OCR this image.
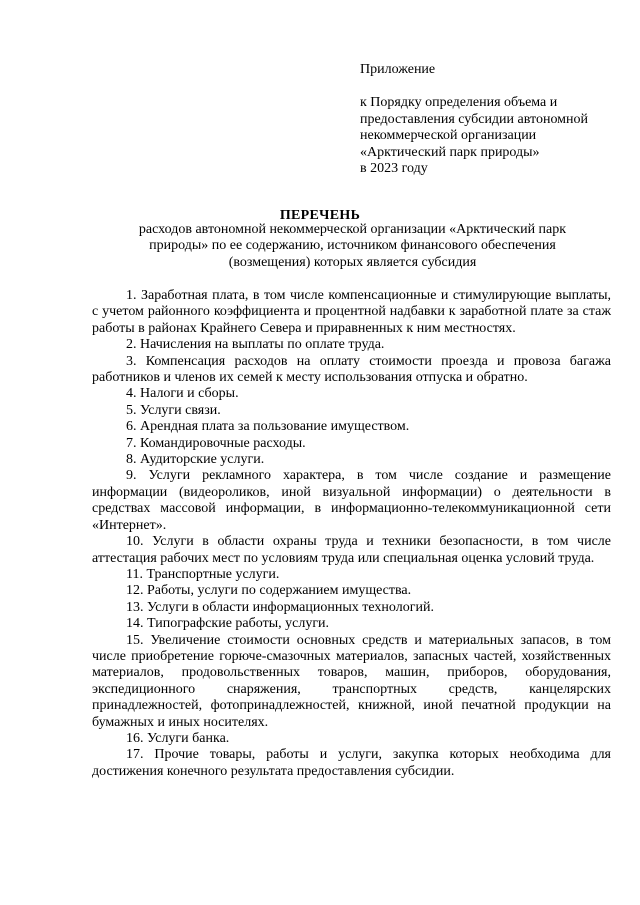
Приложение
к Порядку определения объема и
предоставления субсидии автономной
некоммерческой организации
«Арктический парк природы»
в 2023 году
ПЕРЕЧЕНЬ
расходов автономной некоммерческой организации «Арктический парк
природы» по ее содержанию, источником финансового обеспечения
(возмещения) которых является субсидия

1. Заработная плата, в том числе компенсационные и стимулирующие выплаты, с учетом районного коэффициента и процентной надбавки к заработной плате за стаж работы в районах Крайнего Севера и приравненных к ним местностях.

2. Начисления на выплаты по оплате труда.

3. Компенсация расходов на оплату стоимости проезда и провоза багажа работников и членов их семей к месту использования отпуска и обратно.

4. Налоги и сборы.

5. Услуги связи.

6. Арендная плата за пользование имуществом.

7. Командировочные расходы.

8. Аудиторские услуги.

9. Услуги рекламного характера, в том числе создание и размещение информации (видеороликов, иной визуальной информации) о деятельности в средствах массовой информации, в информационно-телекоммуникационной сети «Интернет».

10. Услуги в области охраны труда и техники безопасности, в том числе аттестация рабочих мест по условиям труда или специальная оценка условий труда.

11. Транспортные услуги.

12. Работы, услуги по содержанием имущества.

13. Услуги в области информационных технологий.

14. Типографские работы, услуги.

15. Увеличение стоимости основных средств и материальных запасов, в том числе приобретение горюче-смазочных материалов, запасных частей, хозяйственных материалов, продовольственных товаров, машин, приборов, оборудования, экспедиционного снаряжения, транспортных средств, канцелярских принадлежностей, фотопринадлежностей, книжной, иной печатной продукции на бумажных и иных носителях.

16. Услуги банка.

17. Прочие товары, работы и услуги, закупка которых необходима для достижения конечного результата предоставления субсидии.
